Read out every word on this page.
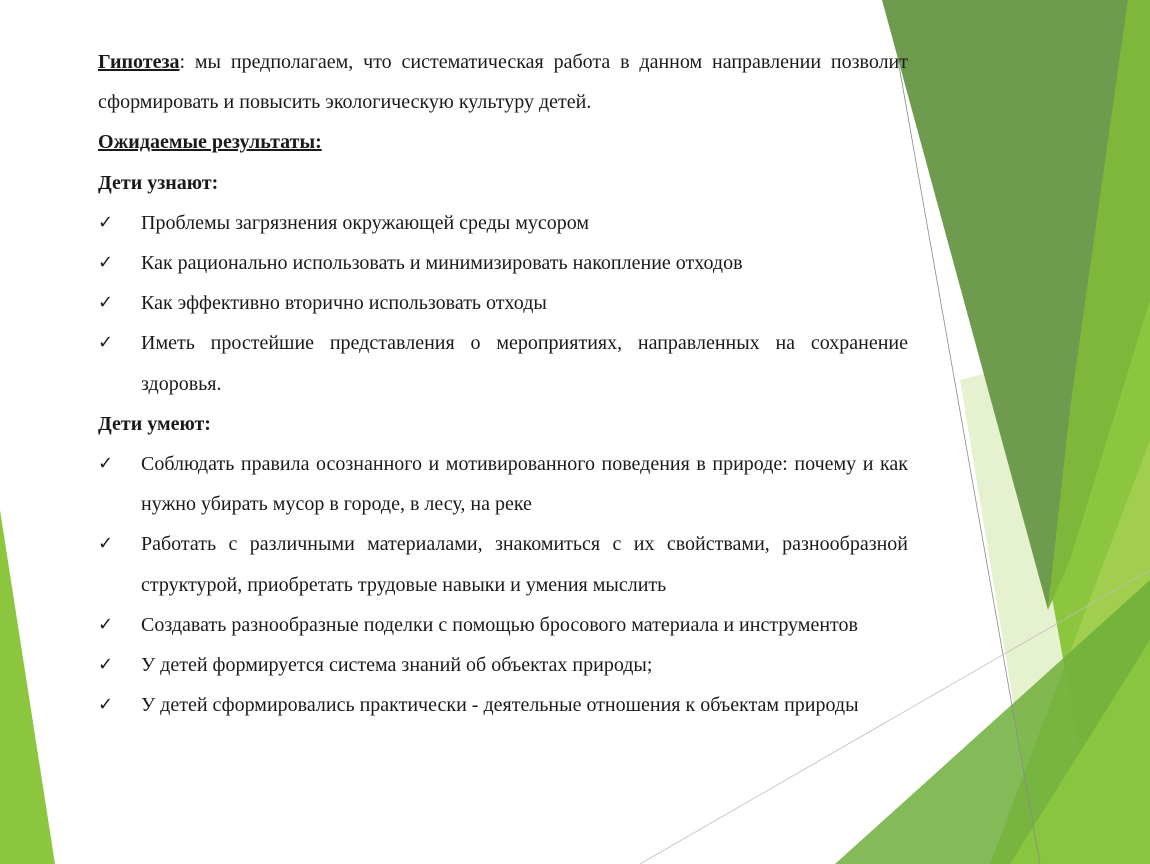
Гипотеза: мы предполагаем, что систематическая работа в данном направлении позволит сформировать и повысить экологическую культуру детей.

Ожидаемые результаты:

Дети узнают:

✓ Проблемы загрязнения окружающей среды мусором
✓ Как рационально использовать и минимизировать накопление отходов
✓ Как эффективно вторично использовать отходы
✓ Иметь простейшие представления о мероприятиях, направленных на сохранение здоровья.

Дети умеют:

✓ Соблюдать правила осознанного и мотивированного поведения в природе: почему и как нужно убирать мусор в городе, в лесу, на реке
✓ Работать с различными материалами, знакомиться с их свойствами, разнообразной структурой, приобретать трудовые навыки и умения мыслить
✓ Создавать разнообразные поделки с помощью бросового материала и инструментов
✓ У детей формируется система знаний об объектах природы;
✓ У детей сформировались практически - деятельные отношения к объектам природы
